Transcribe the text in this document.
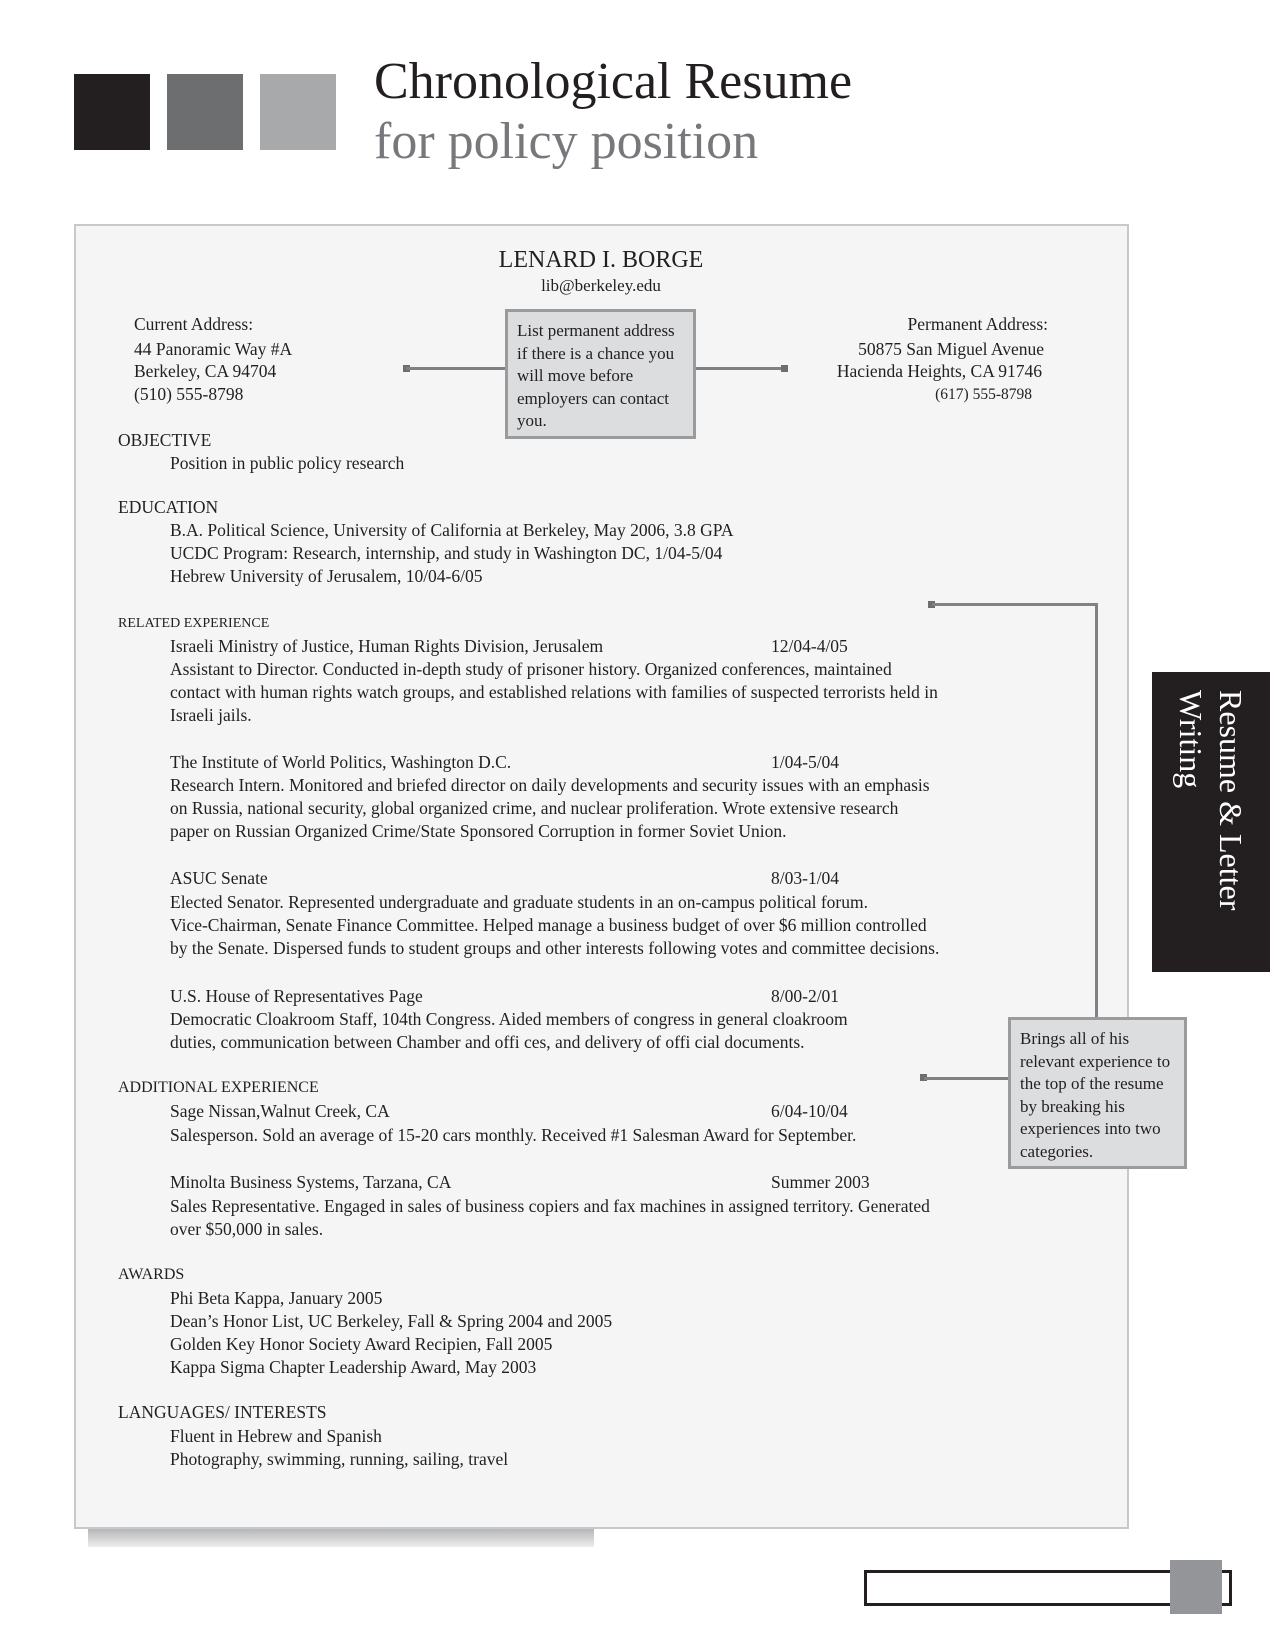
Chronological Resume
for policy position
LENARD I. BORGE
lib@berkeley.edu
Current Address:
44 Panoramic Way #A
Berkeley, CA 94704
(510) 555-8798
Permanent Address:
50875 San Miguel Avenue
Hacienda Heights, CA 91746
(617) 555-8798
List permanent address if there is a chance you will move before employers can contact you.
OBJECTIVE
Position in public policy research
EDUCATION
B.A. Political Science, University of California at Berkeley, May 2006, 3.8 GPA
UCDC Program: Research, internship, and study in Washington DC, 1/04-5/04
Hebrew University of Jerusalem, 10/04-6/05
RELATED EXPERIENCE
Israeli Ministry of Justice, Human Rights Division, Jerusalem	12/04-4/05
Assistant to Director. Conducted in-depth study of prisoner history. Organized conferences, maintained
contact with human rights watch groups, and established relations with families of suspected terrorists held in
Israeli jails.
The Institute of World Politics, Washington D.C.	1/04-5/04
Research Intern. Monitored and briefed director on daily developments and security issues with an emphasis
on Russia, national security, global organized crime, and nuclear proliferation. Wrote extensive research
paper on Russian Organized Crime/State Sponsored Corruption in former Soviet Union.
ASUC Senate	8/03-1/04
Elected Senator. Represented undergraduate and graduate students in an on-campus political forum.
Vice-Chairman, Senate Finance Committee. Helped manage a business budget of over $6 million controlled
by the Senate. Dispersed funds to student groups and other interests following votes and committee decisions.
U.S. House of Representatives Page	8/00-2/01
Democratic Cloakroom Staff, 104th Congress. Aided members of congress in general cloakroom
duties, communication between Chamber and offi ces, and delivery of offi cial documents.
ADDITIONAL EXPERIENCE
Sage Nissan,Walnut Creek, CA	6/04-10/04
Salesperson. Sold an average of 15-20 cars monthly. Received #1 Salesman Award for September.
Minolta Business Systems, Tarzana, CA	Summer 2003
Sales Representative. Engaged in sales of business copiers and fax machines in assigned territory. Generated
over $50,000 in sales.
AWARDS
Phi Beta Kappa, January 2005
Dean’s Honor List, UC Berkeley, Fall & Spring 2004 and 2005
Golden Key Honor Society Award Recipien, Fall 2005
Kappa Sigma Chapter Leadership Award, May 2003
LANGUAGES/ INTERESTS
Fluent in Hebrew and Spanish
Photography, swimming, running, sailing, travel
Brings all of his relevant experience to the top of the resume by breaking his experiences into two categories.
Resume & Letter
Writing
